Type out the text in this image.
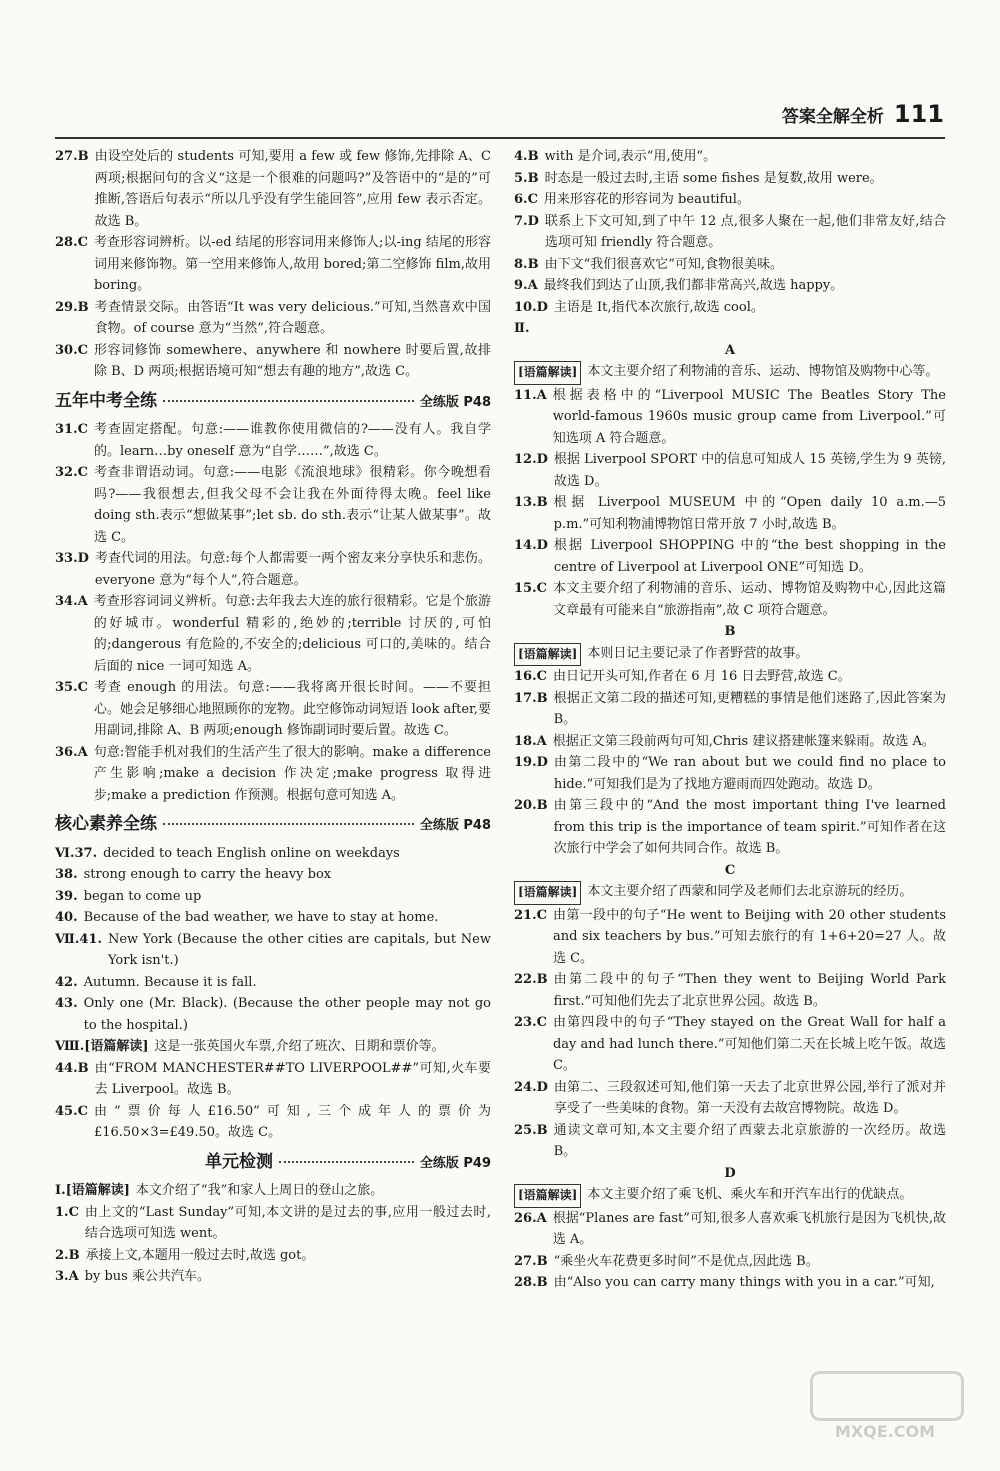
答案全解全析 111
27.B 由设空处后的 students 可知,要用 a few 或 few 修饰,先排除 A、C 两项;根据问句的含义“这是一个很难的问题吗?”及答语中的“是的”可推断,答语后句表示“所以几乎没有学生能回答”,应用 few 表示否定。故选 B。
28.C 考查形容词辨析。以-ed 结尾的形容词用来修饰人;以-ing 结尾的形容词用来修饰物。第一空用来修饰人,故用 bored;第二空修饰 film,故用 boring。
29.B 考查情景交际。由答语“It was very delicious.”可知,当然喜欢中国食物。of course 意为“当然”,符合题意。
30.C 形容词修饰 somewhere、anywhere 和 nowhere 时要后置,故排除 B、D 两项;根据语境可知“想去有趣的地方”,故选 C。
五年中考全练	全练版 P48
31.C 考查固定搭配。句意:——谁教你使用微信的?——没有人。我自学的。learn…by oneself 意为“自学……”,故选 C。
32.C 考查非谓语动词。句意:——电影《流浪地球》很精彩。你今晚想看吗?——我很想去,但我父母不会让我在外面待得太晚。feel like doing sth.表示“想做某事”;let sb. do sth.表示“让某人做某事”。故选 C。
33.D 考查代词的用法。句意:每个人都需要一两个密友来分享快乐和悲伤。everyone 意为“每个人”,符合题意。
34.A 考查形容词词义辨析。句意:去年我去大连的旅行很精彩。它是个旅游的好城市。wonderful 精彩的,绝妙的;terrible 讨厌的,可怕的;dangerous 有危险的,不安全的;delicious 可口的,美味的。结合后面的 nice 一词可知选 A。
35.C 考查 enough 的用法。句意:——我将离开很长时间。——不要担心。她会足够细心地照顾你的宠物。此空修饰动词短语 look after,要用副词,排除 A、B 两项;enough 修饰副词时要后置。故选 C。
36.A 句意:智能手机对我们的生活产生了很大的影响。make a difference 产生影响;make a decision 作决定;make progress 取得进步;make a prediction 作预测。根据句意可知选 A。
核心素养全练	全练版 P48
Ⅵ.37. decided to teach English online on weekdays
38. strong enough to carry the heavy box
39. began to come up
40. Because of the bad weather, we have to stay at home.
Ⅶ.41. New York (Because the other cities are capitals, but New York isn't.)
42. Autumn. Because it is fall.
43. Only one (Mr. Black). (Because the other people may not go to the hospital.)
Ⅷ.[语篇解读] 这是一张英国火车票,介绍了班次、日期和票价等。
44.B 由“FROM MANCHESTER##TO LIVERPOOL##”可知,火车要去 Liverpool。故选 B。
45.C 由“票价每人£16.50”可知,三个成年人的票价为£16.50×3=£49.50。故选 C。
单元检测	全练版 P49
Ⅰ.[语篇解读] 本文介绍了“我”和家人上周日的登山之旅。
1.C 由上文的“Last Sunday”可知,本文讲的是过去的事,应用一般过去时,结合选项可知选 went。
2.B 承接上文,本题用一般过去时,故选 got。
3.A by bus 乘公共汽车。
4.B with 是介词,表示“用,使用”。
5.B 时态是一般过去时,主语 some fishes 是复数,故用 were。
6.C 用来形容花的形容词为 beautiful。
7.D 联系上下文可知,到了中午 12 点,很多人聚在一起,他们非常友好,结合选项可知 friendly 符合题意。
8.B 由下文“我们很喜欢它”可知,食物很美味。
9.A 最终我们到达了山顶,我们都非常高兴,故选 happy。
10.D 主语是 It,指代本次旅行,故选 cool。
Ⅱ.
A
[语篇解读] 本文主要介绍了利物浦的音乐、运动、博物馆及购物中心等。
11.A 根据表格中的“Liverpool MUSIC The Beatles Story The world-famous 1960s music group came from Liverpool.”可知选项 A 符合题意。
12.D 根据 Liverpool SPORT 中的信息可知成人 15 英镑,学生为 9 英镑,故选 D。
13.B 根据 Liverpool MUSEUM 中的“Open daily 10 a.m.—5 p.m.”可知利物浦博物馆日常开放 7 小时,故选 B。
14.D 根据 Liverpool SHOPPING 中的“the best shopping in the centre of Liverpool at Liverpool ONE”可知选 D。
15.C 本文主要介绍了利物浦的音乐、运动、博物馆及购物中心,因此这篇文章最有可能来自“旅游指南”,故 C 项符合题意。
B
[语篇解读] 本则日记主要记录了作者野营的故事。
16.C 由日记开头可知,作者在 6 月 16 日去野营,故选 C。
17.B 根据正文第二段的描述可知,更糟糕的事情是他们迷路了,因此答案为 B。
18.A 根据正文第三段前两句可知,Chris 建议搭建帐篷来躲雨。故选 A。
19.D 由第二段中的“We ran about but we could find no place to hide.”可知我们是为了找地方避雨而四处跑动。故选 D。
20.B 由第三段中的“And the most important thing I've learned from this trip is the importance of team spirit.”可知作者在这次旅行中学会了如何共同合作。故选 B。
C
[语篇解读] 本文主要介绍了西蒙和同学及老师们去北京游玩的经历。
21.C 由第一段中的句子“He went to Beijing with 20 other students and six teachers by bus.”可知去旅行的有 1+6+20=27 人。故选 C。
22.B 由第二段中的句子“Then they went to Beijing World Park first.”可知他们先去了北京世界公园。故选 B。
23.C 由第四段中的句子“They stayed on the Great Wall for half a day and had lunch there.”可知他们第二天在长城上吃午饭。故选 C。
24.D 由第二、三段叙述可知,他们第一天去了北京世界公园,举行了派对并享受了一些美味的食物。第一天没有去故宫博物院。故选 D。
25.B 通读文章可知,本文主要介绍了西蒙去北京旅游的一次经历。故选 B。
D
[语篇解读] 本文主要介绍了乘飞机、乘火车和开汽车出行的优缺点。
26.A 根据“Planes are fast”可知,很多人喜欢乘飞机旅行是因为飞机快,故选 A。
27.B “乘坐火车花费更多时间”不是优点,因此选 B。
28.B 由“Also you can carry many things with you in a car.”可知,
MXQE.COM
